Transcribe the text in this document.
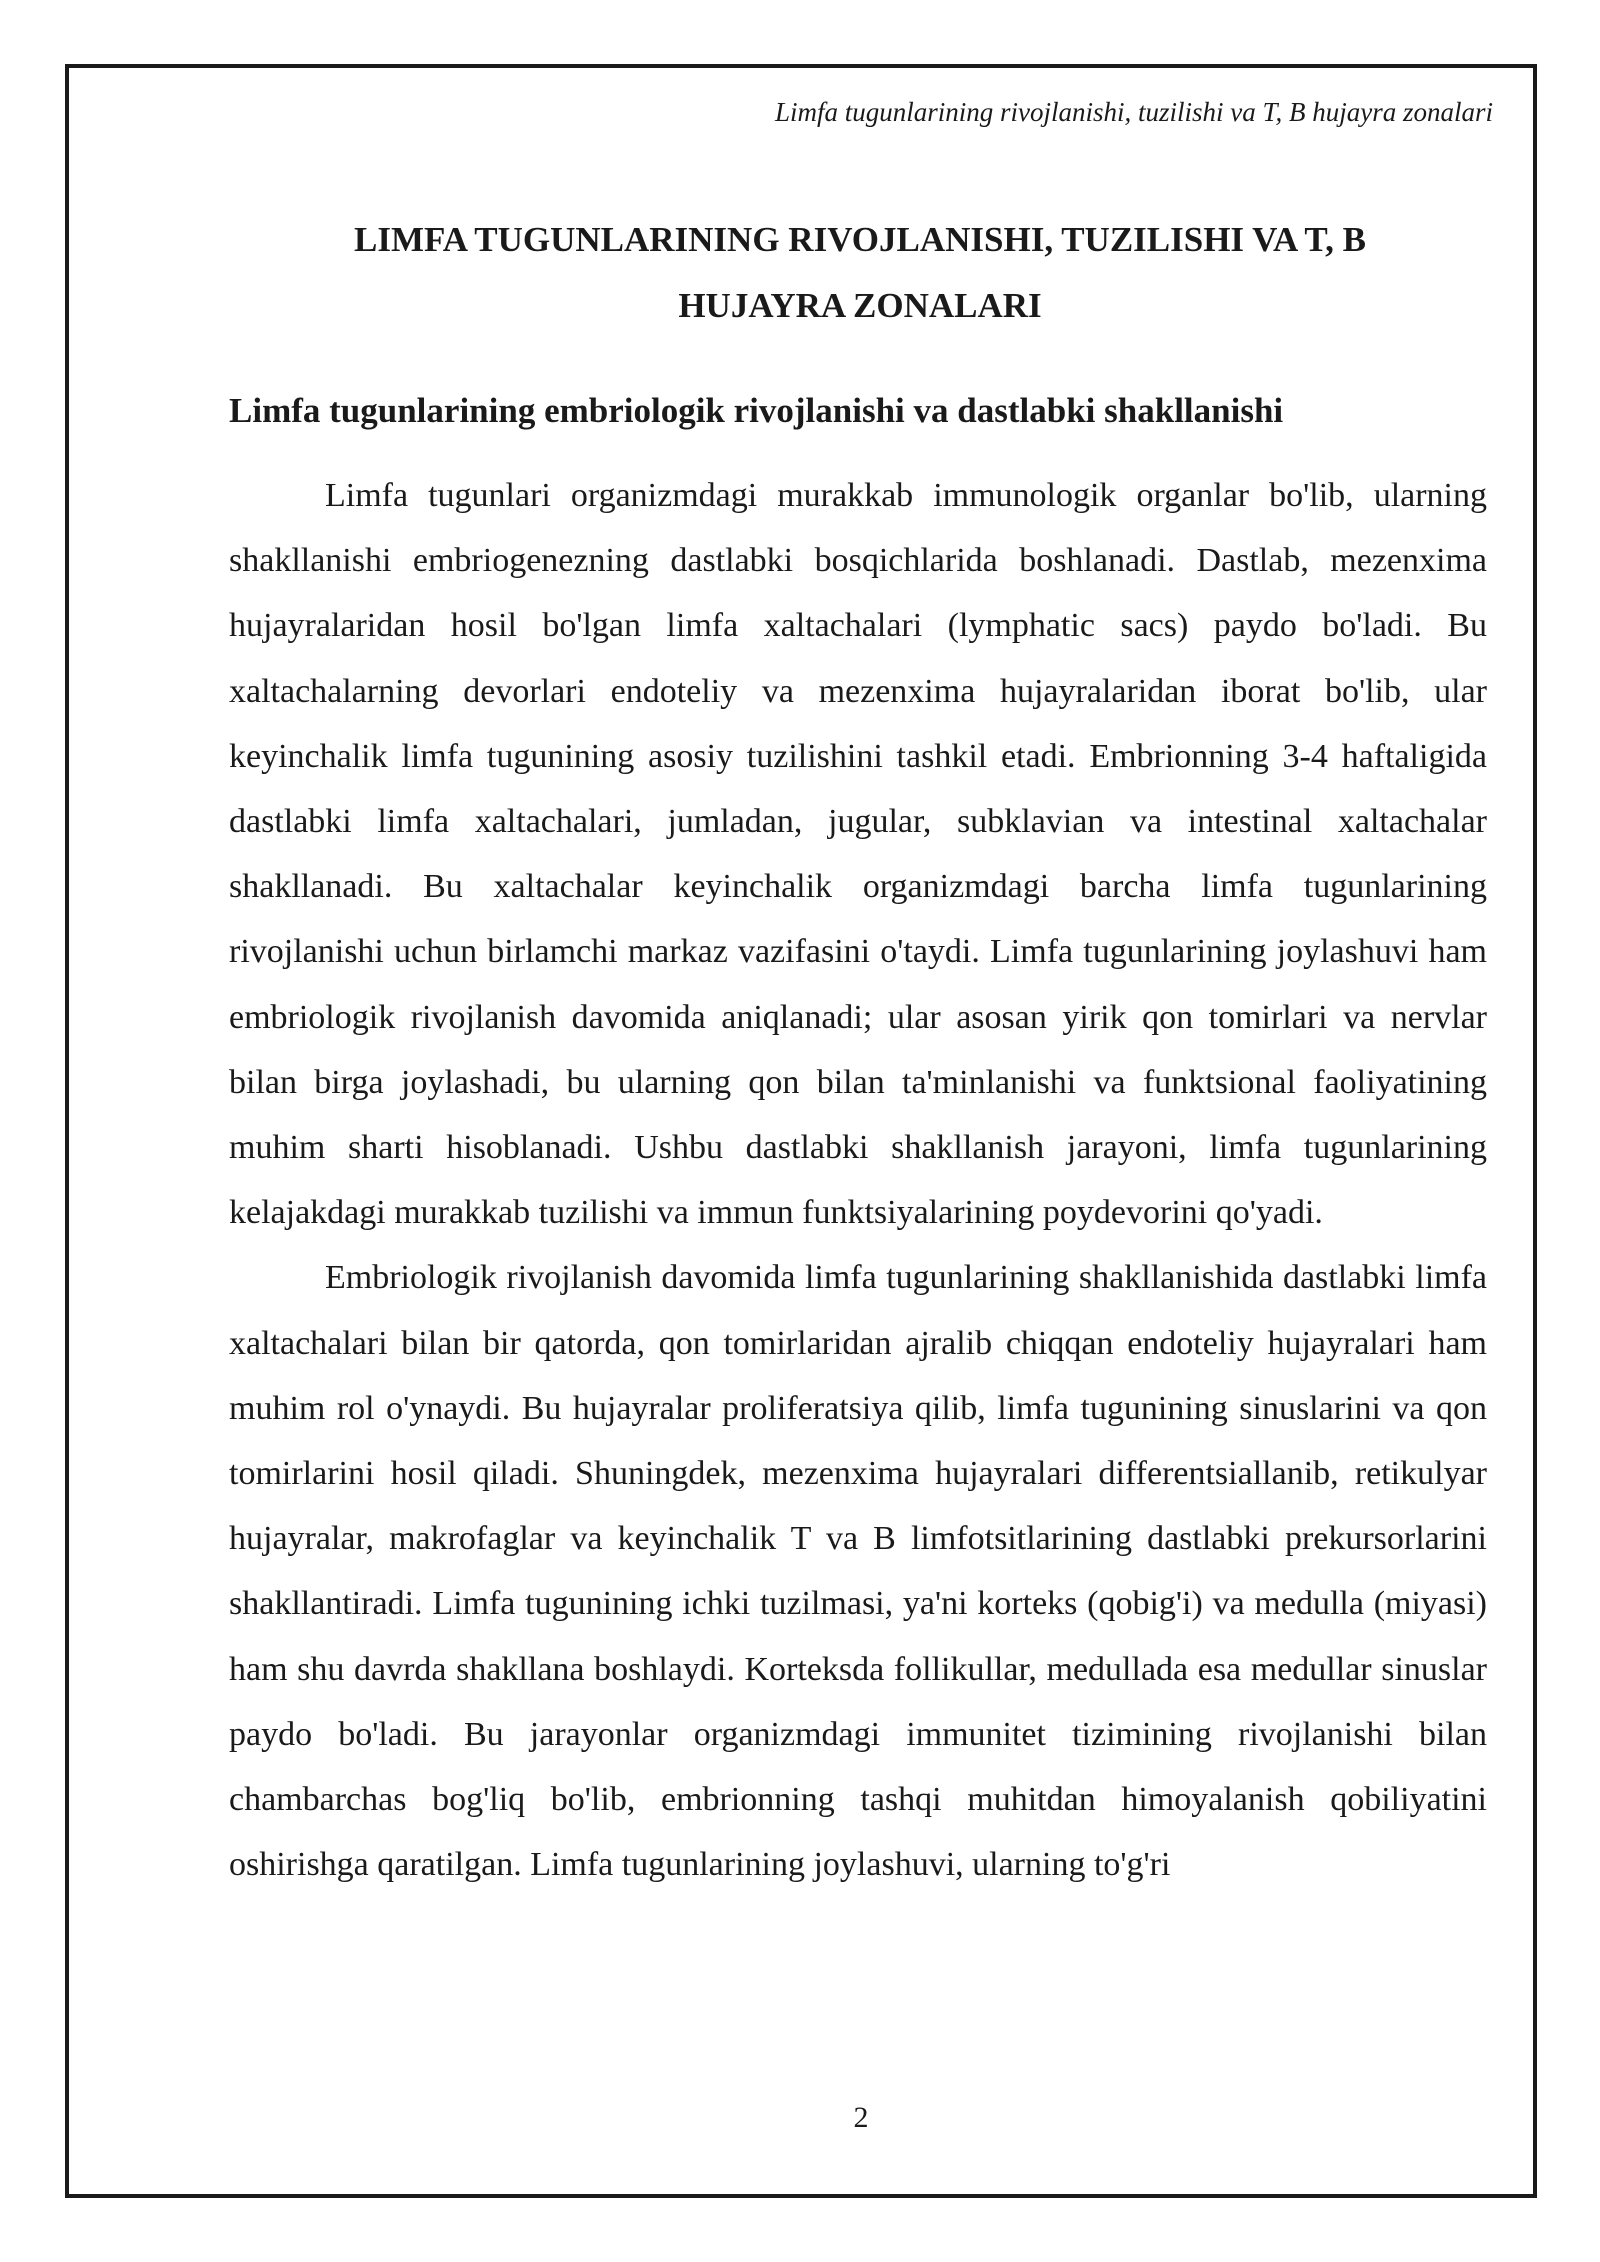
Limfa tugunlarining rivojlanishi, tuzilishi va T, B hujayra zonalari
LIMFA TUGUNLARINING RIVOJLANISHI, TUZILISHI VA T, B
HUJAYRA ZONALARI
Limfa tugunlarining embriologik rivojlanishi va dastlabki shakllanishi

Limfa tugunlari organizmdagi murakkab immunologik organlar bo'lib, ularning shakllanishi embriogenezning dastlabki bosqichlarida boshlanadi. Dastlab, mezenxima hujayralaridan hosil bo'lgan limfa xaltachalari (lymphatic sacs) paydo bo'ladi. Bu xaltachalarning devorlari endoteliy va mezenxima hujayralaridan iborat bo'lib, ular keyinchalik limfa tugunining asosiy tuzilishini tashkil etadi. Embrionning 3-4 haftaligida dastlabki limfa xaltachalari, jumladan, jugular, subklavian va intestinal xaltachalar shakllanadi. Bu xaltachalar keyinchalik organizmdagi barcha limfa tugunlarining rivojlanishi uchun birlamchi markaz vazifasini o'taydi. Limfa tugunlarining joylashuvi ham embriologik rivojlanish davomida aniqlanadi; ular asosan yirik qon tomirlari va nervlar bilan birga joylashadi, bu ularning qon bilan ta'minlanishi va funktsional faoliyatining muhim sharti hisoblanadi. Ushbu dastlabki shakllanish jarayoni, limfa tugunlarining kelajakdagi murakkab tuzilishi va immun funktsiyalarining poydevorini qo'yadi.

Embriologik rivojlanish davomida limfa tugunlarining shakllanishida dastlabki limfa xaltachalari bilan bir qatorda, qon tomirlaridan ajralib chiqqan endoteliy hujayralari ham muhim rol o'ynaydi. Bu hujayralar proliferatsiya qilib, limfa tugunining sinuslarini va qon tomirlarini hosil qiladi. Shuningdek, mezenxima hujayralari differentsiallanib, retikulyar hujayralar, makrofaglar va keyinchalik T va B limfotsitlarining dastlabki prekursorlarini shakllantiradi. Limfa tugunining ichki tuzilmasi, ya'ni korteks (qobig'i) va medulla (miyasi) ham shu davrda shakllana boshlaydi. Korteksda follikullar, medullada esa medullar sinuslar paydo bo'ladi. Bu jarayonlar organizmdagi immunitet tizimining rivojlanishi bilan chambarchas bog'liq bo'lib, embrionning tashqi muhitdan himoyalanish qobiliyatini oshirishga qaratilgan. Limfa tugunlarining joylashuvi, ularning to'g'ri

2
